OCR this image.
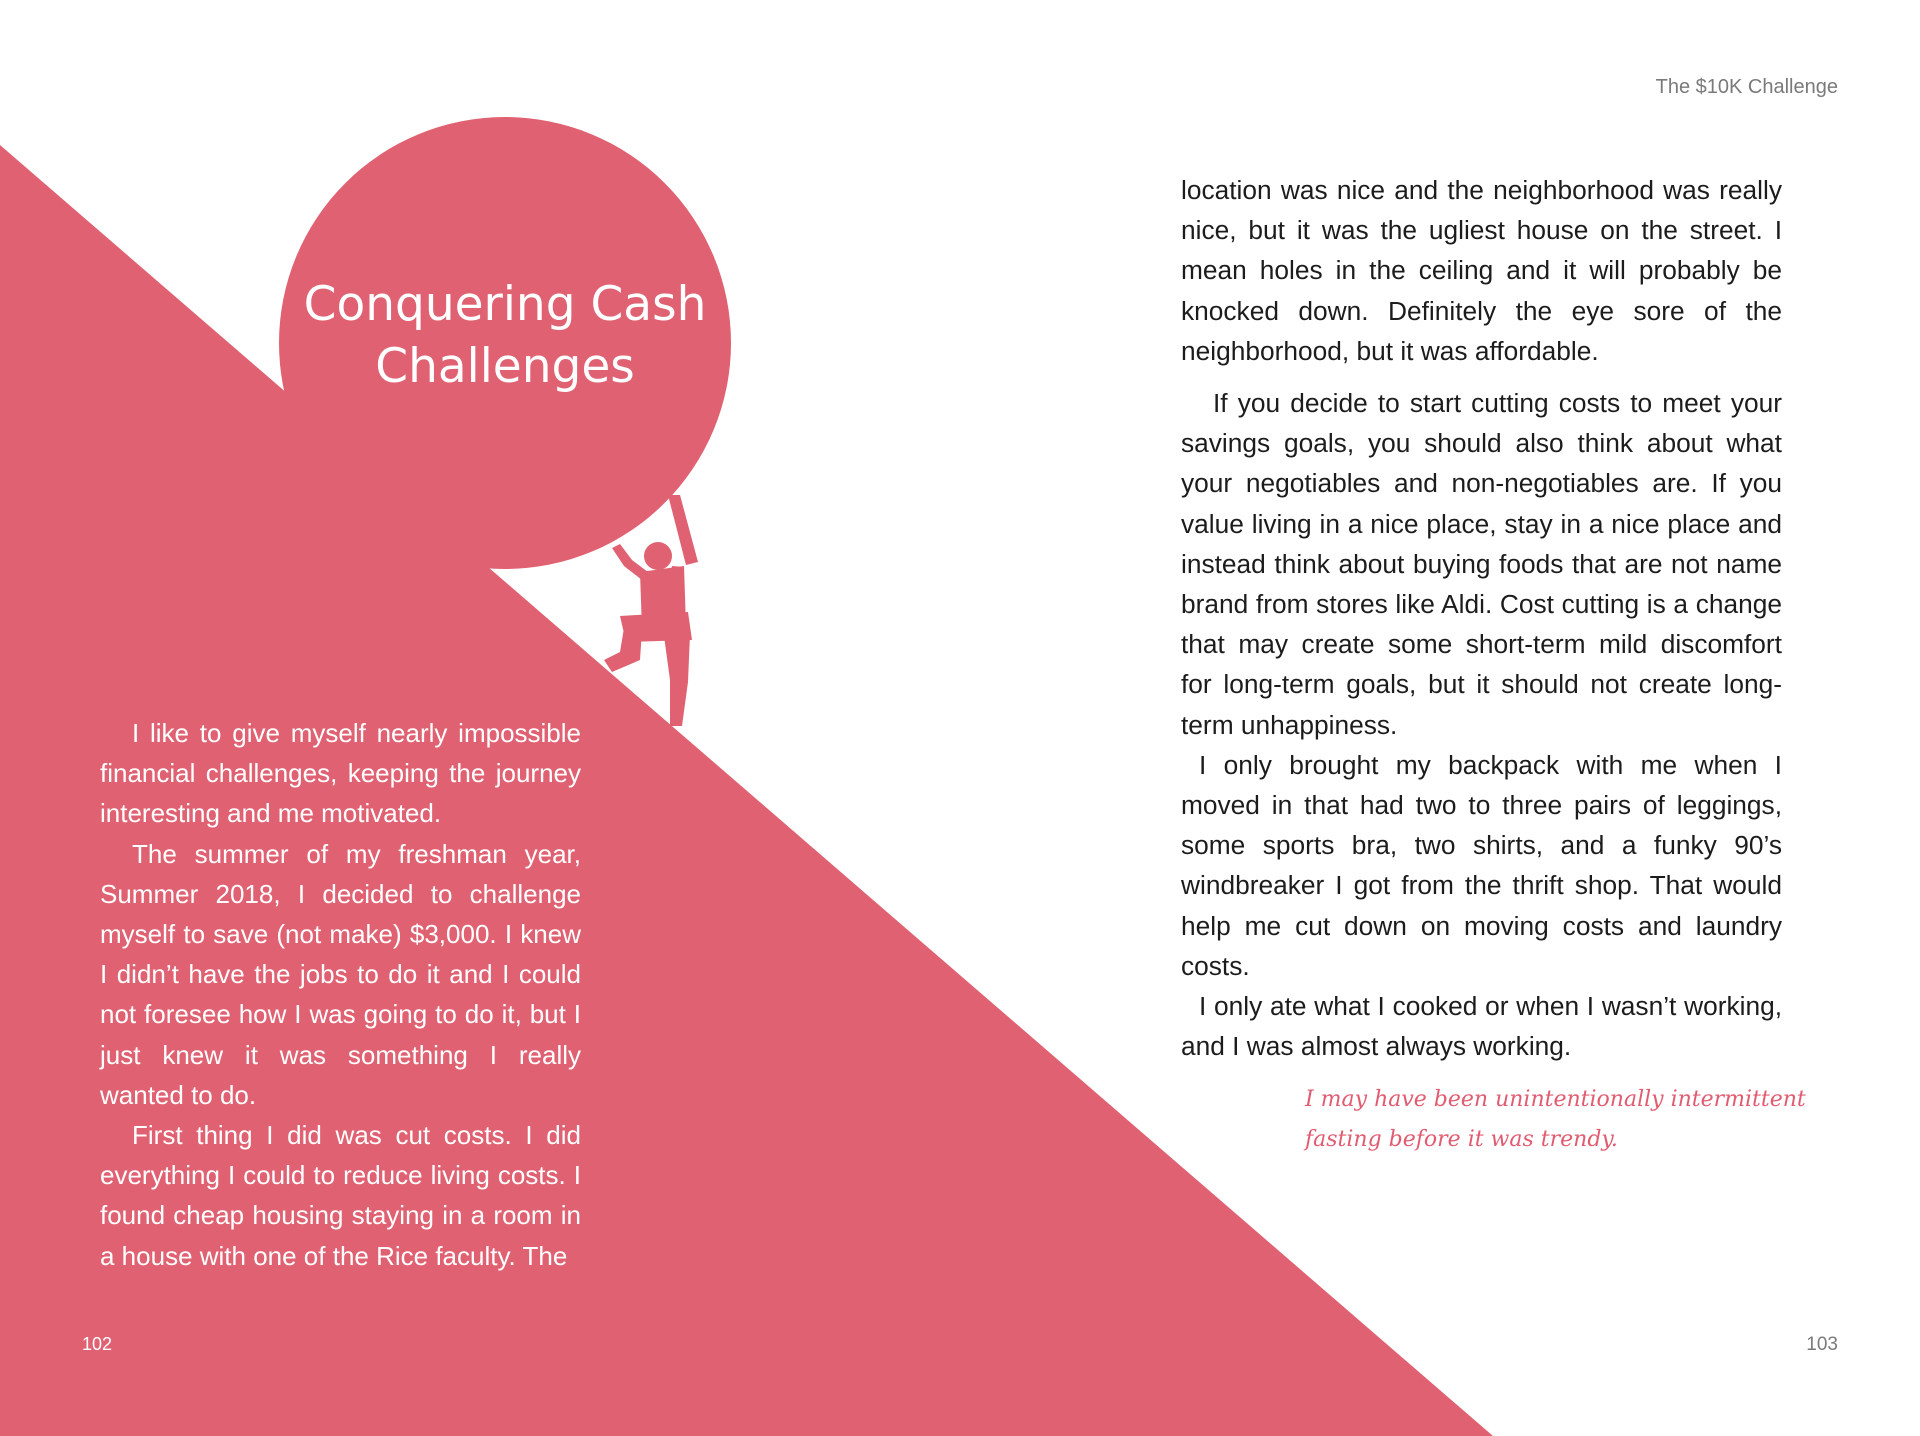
The $10K Challenge
Conquering Cash
Challenges

I like to give myself nearly impossible financial challenges, keeping the journey interesting and me motivated.

The summer of my freshman year, Summer 2018, I decided to challenge myself to save (not make) $3,000. I knew I didn’t have the jobs to do it and I could not foresee how I was going to do it, but I just knew it was something I really wanted to do.

First thing I did was cut costs. I did everything I could to reduce living costs. I found cheap housing staying in a room in a house with one of the Rice faculty. The

location was nice and the neighborhood was really nice, but it was the ugliest house on the street. I mean holes in the ceiling and it will probably be knocked down. Definitely the eye sore of the neighborhood, but it was affordable.

If you decide to start cutting costs to meet your savings goals, you should also think about what your negotiables and non-negotiables are. If you value living in a nice place, stay in a nice place and instead think about buying foods that are not name brand from stores like Aldi. Cost cutting is a change that may create some short-term mild discomfort for long-term goals, but it should not create long-term unhappiness.

I only brought my backpack with me when I moved in that had two to three pairs of leggings, some sports bra, two shirts, and a funky 90’s windbreaker I got from the thrift shop. That would help me cut down on moving costs and laundry costs.

I only ate what I cooked or when I wasn’t working, and I was almost always working.

I may have been unintentionally intermittent

fasting before it was trendy.

102	103
